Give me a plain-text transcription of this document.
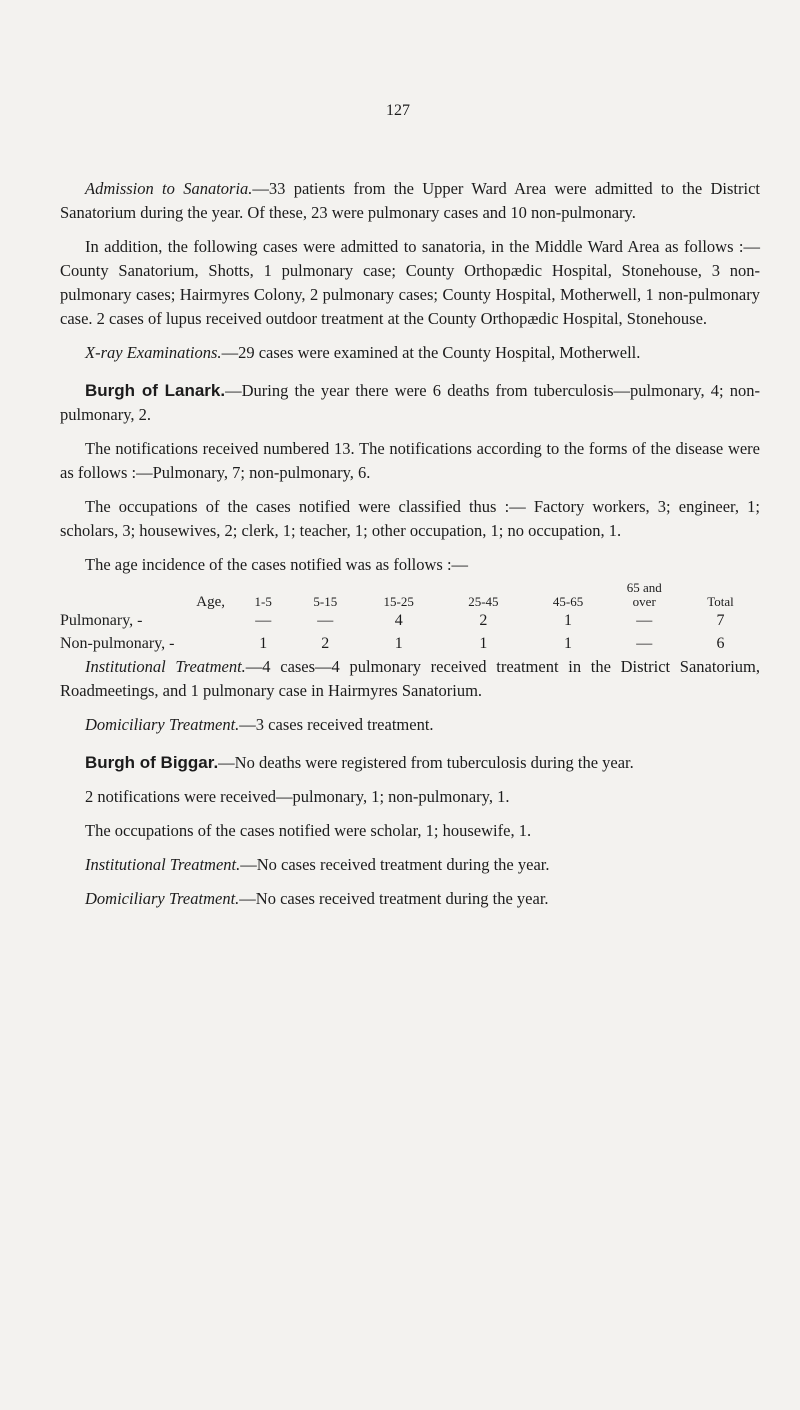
127

Admission to Sanatoria.—33 patients from the Upper Ward Area were admitted to the District Sanatorium during the year. Of these, 23 were pulmonary cases and 10 non-pulmonary.

In addition, the following cases were admitted to sanatoria, in the Middle Ward Area as follows :—County Sanatorium, Shotts, 1 pulmonary case; County Orthopædic Hospital, Stonehouse, 3 non-pulmonary cases; Hairmyres Colony, 2 pulmonary cases; County Hospital, Motherwell, 1 non-pulmonary case. 2 cases of lupus received outdoor treatment at the County Orthopædic Hospital, Stonehouse.

X-ray Examinations.—29 cases were examined at the County Hospital, Motherwell.

Burgh of Lanark.—During the year there were 6 deaths from tuberculosis—pulmonary, 4; non-pulmonary, 2.

The notifications received numbered 13. The notifications according to the forms of the disease were as follows :—Pulmonary, 7; non-pulmonary, 6.

The occupations of the cases notified were classified thus :— Factory workers, 3; engineer, 1; scholars, 3; housewives, 2; clerk, 1; teacher, 1; other occupation, 1; no occupation, 1.

The age incidence of the cases notified was as follows :—

						65 and	
Age,	1-5	5-15	15-25	25-45	45-65	over	Total
Pulmonary, -	—	—	4	2	1	—	7
Non-pulmonary, -	1	2	1	1	1	—	6

Institutional Treatment.—4 cases—4 pulmonary received treatment in the District Sanatorium, Roadmeetings, and 1 pulmonary case in Hairmyres Sanatorium.

Domiciliary Treatment.—3 cases received treatment.

Burgh of Biggar.—No deaths were registered from tuberculosis during the year.

2 notifications were received—pulmonary, 1; non-pulmonary, 1.

The occupations of the cases notified were scholar, 1; housewife, 1.

Institutional Treatment.—No cases received treatment during the year.

Domiciliary Treatment.—No cases received treatment during the year.
